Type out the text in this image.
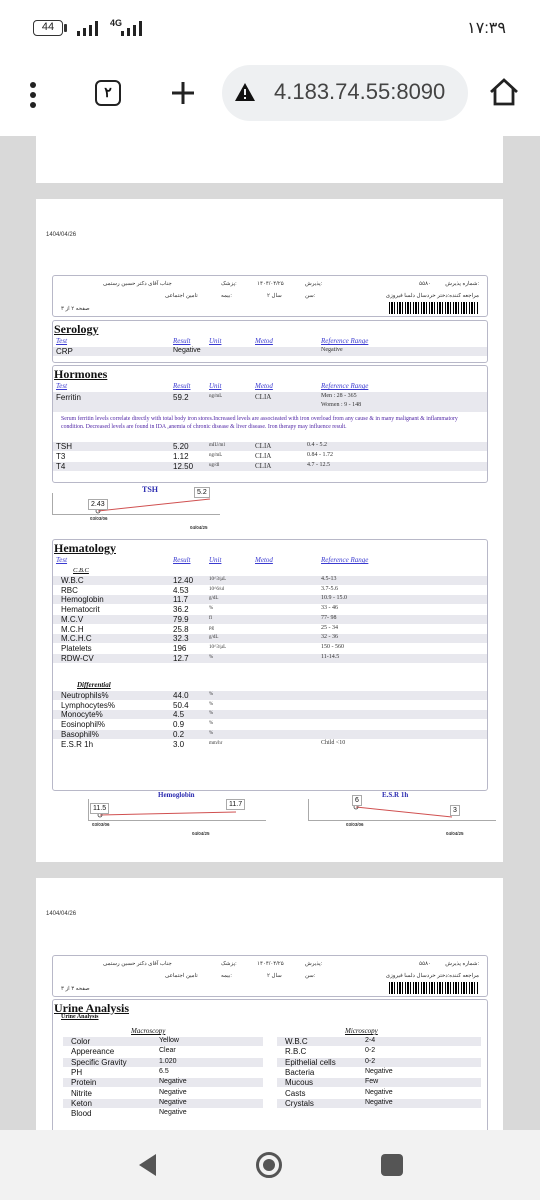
44	4G	۱۷:۳۹
۲	4.183.74.55:8090
1404/04/26
شماره پذیرش:
۵۵۸۰
مراجعه کننده:دختر خردسال دلسا فیروزی
پذیرش:
۱۴۰۴/۰۴/۲۵
سن:
۲ سال
پزشک:
جناب آقای دکتر حسین رستمی
بیمه:
تامین اجتماعی
صفحه ۲ از ۳
Serology
Test	Result	Unit	Metod	Reference Range
CRP	Negative	Negative
Hormones
Test	Result	Unit	Metod	Reference Range
Ferritin	59.2	ng/mL	CLIA	Men : 28 - 365
Women : 9 - 148
Serum ferritin levels correlate directly with total body iron stores.Increased levels are associeated with iron overload from any cause & in many malignant & inflammatory condition. Decreased levels are found in IDA ,anemia of chronic disease & liver disease. Iron therapy may influence result.
TSH	5.20	mIU/ml	CLIA	0.4 - 5.2
T3	1.12	ng/mL	CLIA	0.84 - 1.72
T4	12.50	ug/dl	CLIA	4.7 - 12.5
TSH
2.43
5.2
03/03/06
04/04/25
Hematology
Test	Result	Unit	Metod	Reference Range
C.B.C
W.B.C	12.40	10^3/µL	4.5-13
RBC	4.53	10^6/ul	3.7-5.6
Hemoglobin	11.7	g/dL	10.9 - 15.0
Hematocrit	36.2	%	33 - 46
M.C.V	79.9	fl	77- 98
M.C.H	25.8	pg	25 - 34
M.C.H.C	32.3	g/dL	32 - 36
Platelets	196	10^3/µL	150 - 560
RDW-CV	12.7	%	11-14.5
Differential
Neutrophils%	44.0	%
Lymphocytes%	50.4	%
Monocyte%	4.5	%
Eosinophil%	0.9	%
Basophil%	0.2	%
E.S.R 1h	3.0	mm/hr	Child <10
Hemoglobin
11.5
11.7
03/03/06
04/04/25
E.S.R 1h
6
3
03/03/06
04/04/25
1404/04/26
شماره پذیرش:
۵۵۸۰
مراجعه کننده:دختر خردسال دلسا فیروزی
پذیرش:
۱۴۰۴/۰۴/۲۵
سن:
۲ سال
پزشک:
جناب آقای دکتر حسین رستمی
بیمه:
تامین اجتماعی
صفحه ۳ از ۳
Urine Analysis
Urine Analysis
Macroscopy	Microscopy
Color	Yellow
Appereance	Clear
Specific Gravity	1.020
PH	6.5
Protein	Negative
Nitrite	Negative
Keton	Negative
Blood	Negative
W.B.C	2-4
R.B.C	0-2
Epithelial cells	0-2
Bacteria	Negative
Mucous	Few
Casts	Negative
Crystals	Negative
